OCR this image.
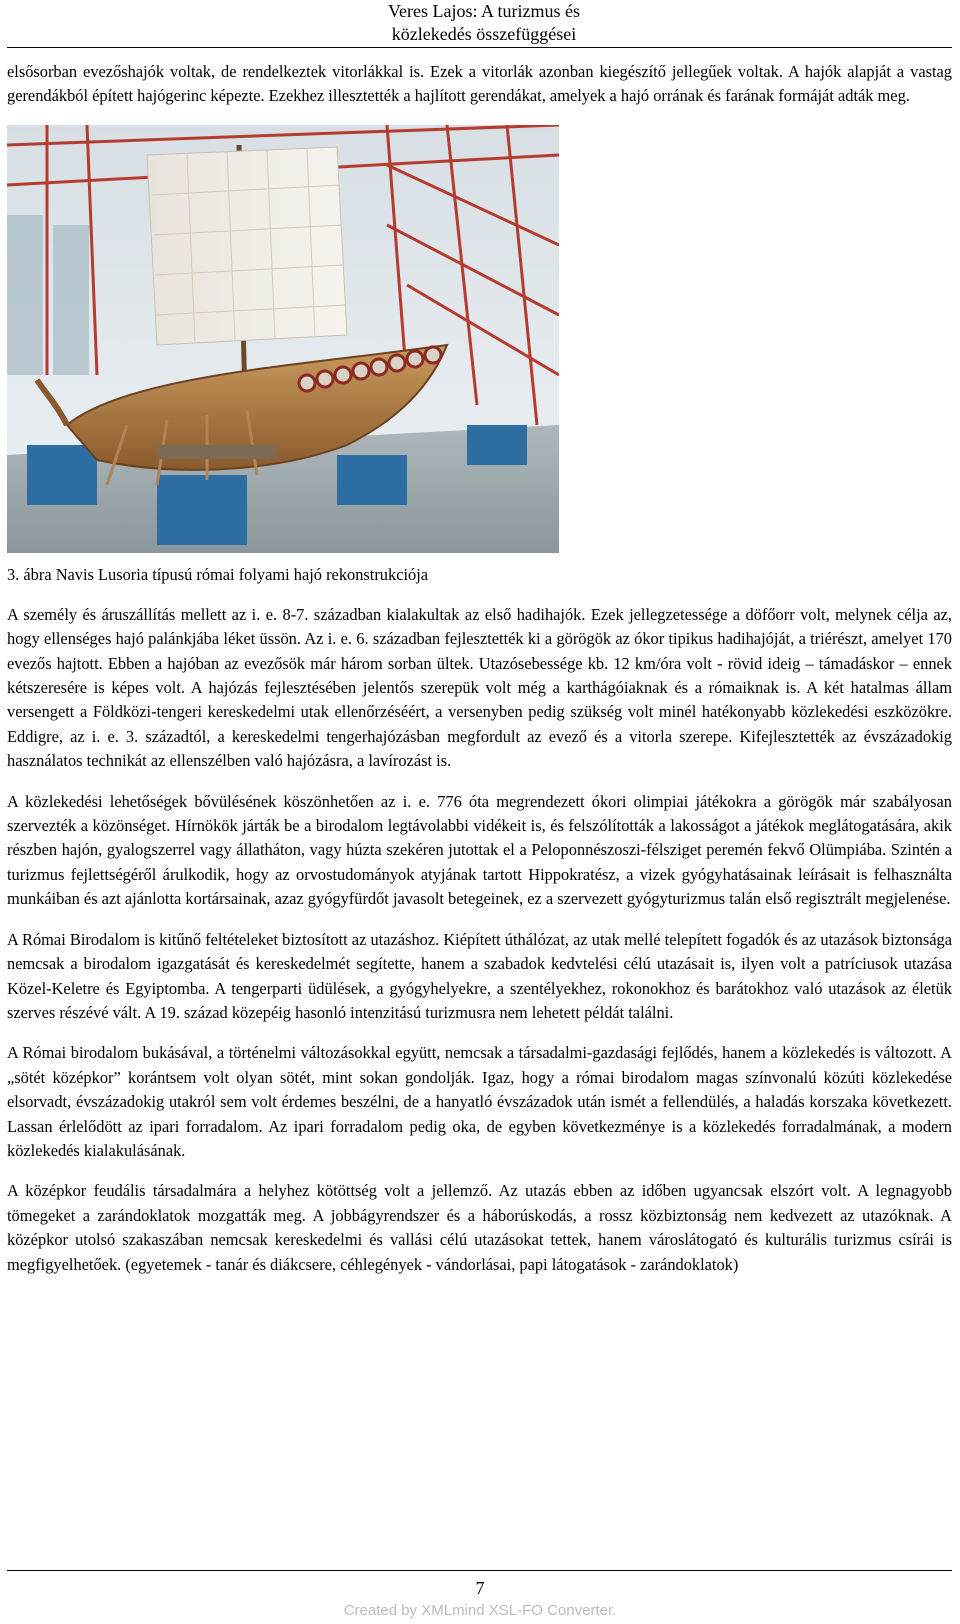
Veres Lajos: A turizmus és
közlekedés összefüggései

elsősorban evezőshajók voltak, de rendelkeztek vitorlákkal is. Ezek a vitorlák azonban kiegészítő jellegűek voltak. A hajók alapját a vastag gerendákból épített hajógerinc képezte. Ezekhez illesztették a hajlított gerendákat, amelyek a hajó orrának és farának formáját adták meg.

3. ábra Navis Lusoria típusú római folyami hajó rekonstrukciója

A személy és áruszállítás mellett az i. e. 8-7. században kialakultak az első hadihajók. Ezek jellegzetessége a döfőorr volt, melynek célja az, hogy ellenséges hajó palánkjába léket üssön. Az i. e. 6. században fejlesztették ki a görögök az ókor tipikus hadihajóját, a triérészt, amelyet 170 evezős hajtott. Ebben a hajóban az evezősök már három sorban ültek. Utazósebessége kb. 12 km/óra volt - rövid ideig – támadáskor – ennek kétszeresére is képes volt. A hajózás fejlesztésében jelentős szerepük volt még a karthágóiaknak és a rómaiknak is. A két hatalmas állam versengett a Földközi-tengeri kereskedelmi utak ellenőrzéséért, a versenyben pedig szükség volt minél hatékonyabb közlekedési eszközökre. Eddigre, az i. e. 3. századtól, a kereskedelmi tengerhajózásban megfordult az evező és a vitorla szerepe. Kifejlesztették az évszázadokig használatos technikát az ellenszélben való hajózásra, a lavírozást is.

A közlekedési lehetőségek bővülésének köszönhetően az i. e. 776 óta megrendezett ókori olimpiai játékokra a görögök már szabályosan szervezték a közönséget. Hírnökök járták be a birodalom legtávolabbi vidékeit is, és felszólították a lakosságot a játékok meglátogatására, akik részben hajón, gyalogszerrel vagy állatháton, vagy húzta szekéren jutottak el a Peloponnészoszi-félsziget peremén fekvő Olümpiába. Szintén a turizmus fejlettségéről árulkodik, hogy az orvostudományok atyjának tartott Hippokratész, a vizek gyógyhatásainak leírásait is felhasználta munkáiban és azt ajánlotta kortársainak, azaz gyógyfürdőt javasolt betegeinek, ez a szervezett gyógyturizmus talán első regisztrált megjelenése.

A Római Birodalom is kitűnő feltételeket biztosított az utazáshoz. Kiépített úthálózat, az utak mellé telepített fogadók és az utazások biztonsága nemcsak a birodalom igazgatását és kereskedelmét segítette, hanem a szabadok kedvtelési célú utazásait is, ilyen volt a patríciusok utazása Közel-Keletre és Egyiptomba. A tengerparti üdülések, a gyógyhelyekre, a szentélyekhez, rokonokhoz és barátokhoz való utazások az életük szerves részévé vált. A 19. század közepéig hasonló intenzitású turizmusra nem lehetett példát találni.

A Római birodalom bukásával, a történelmi változásokkal együtt, nemcsak a társadalmi-gazdasági fejlődés, hanem a közlekedés is változott. A „sötét középkor” korántsem volt olyan sötét, mint sokan gondolják. Igaz, hogy a római birodalom magas színvonalú közúti közlekedése elsorvadt, évszázadokig utakról sem volt érdemes beszélni, de a hanyatló évszázadok után ismét a fellendülés, a haladás korszaka következett. Lassan érlelődött az ipari forradalom. Az ipari forradalom pedig oka, de egyben következménye is a közlekedés forradalmának, a modern közlekedés kialakulásának.

A középkor feudális társadalmára a helyhez kötöttség volt a jellemző. Az utazás ebben az időben ugyancsak elszórt volt. A legnagyobb tömegeket a zarándoklatok mozgatták meg. A jobbágyrendszer és a háborúskodás, a rossz közbiztonság nem kedvezett az utazóknak. A középkor utolsó szakaszában nemcsak kereskedelmi és vallási célú utazásokat tettek, hanem városlátogató és kulturális turizmus csírái is megfigyelhetőek. (egyetemek - tanár és diákcsere, céhlegények - vándorlásai, papi látogatások - zarándoklatok)

7
Created by XMLmind XSL-FO Converter.
